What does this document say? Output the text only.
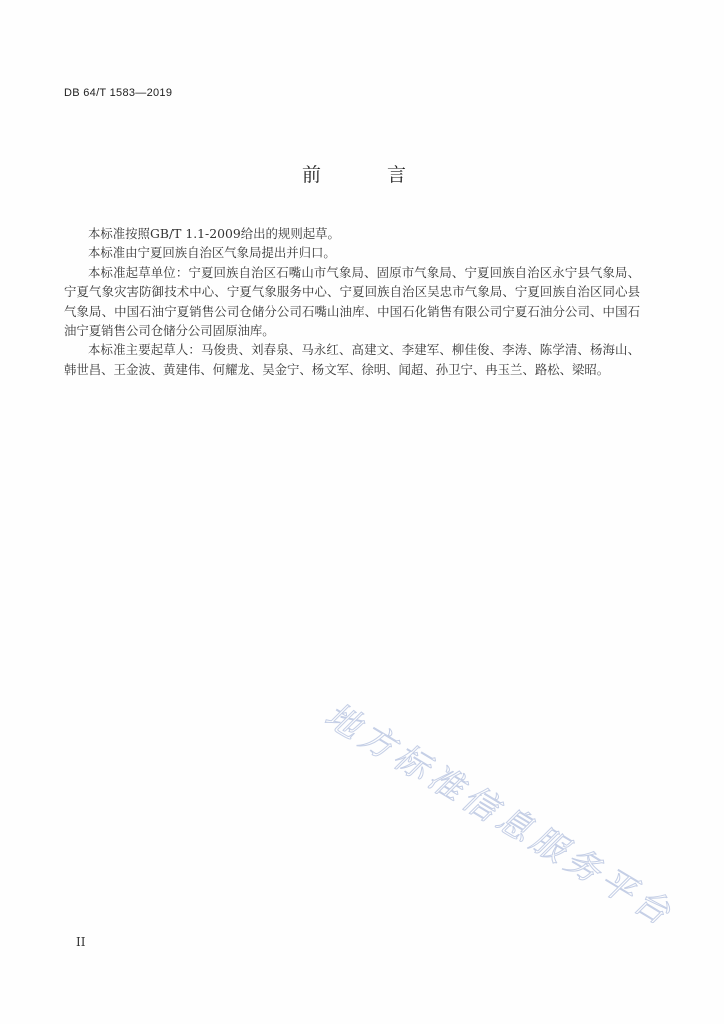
DB 64/T 1583—2019
前 言

本标准按照GB/T 1.1-2009给出的规则起草。

本标准由宁夏回族自治区气象局提出并归口。

本标准起草单位：宁夏回族自治区石嘴山市气象局、固原市气象局、宁夏回族自治区永宁县气象局、宁夏气象灾害防御技术中心、宁夏气象服务中心、宁夏回族自治区吴忠市气象局、宁夏回族自治区同心县气象局、中国石油宁夏销售公司仓储分公司石嘴山油库、中国石化销售有限公司宁夏石油分公司、中国石油宁夏销售公司仓储分公司固原油库。

本标准主要起草人：马俊贵、刘春泉、马永红、高建文、李建军、柳佳俊、李涛、陈学清、杨海山、韩世昌、王金波、黄建伟、何耀龙、吴金宁、杨文军、徐明、闻超、孙卫宁、冉玉兰、路松、梁昭。

地方标准信息服务平台
II
